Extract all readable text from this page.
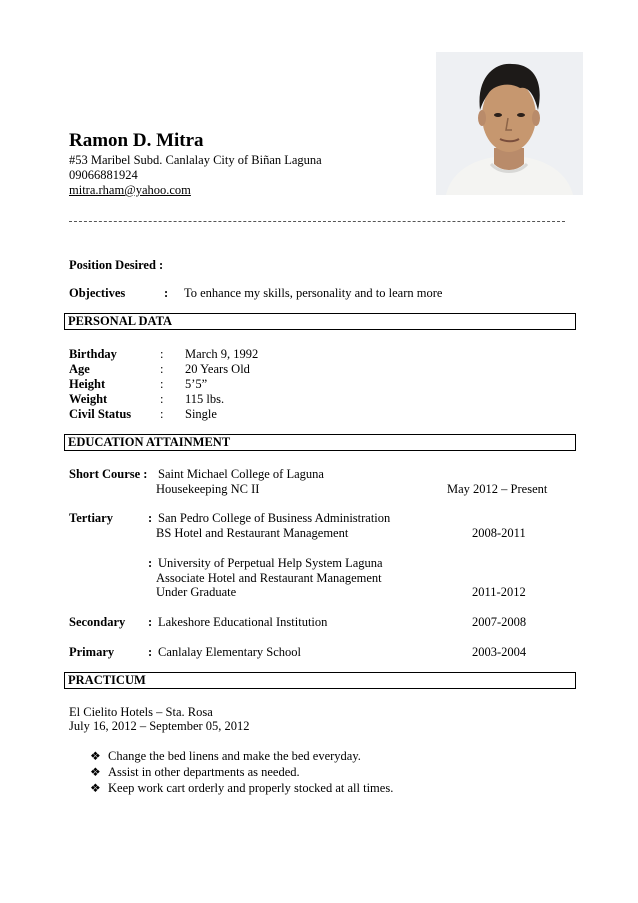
Ramon D. Mitra
#53 Maribel Subd. Canlalay City of Biñan Laguna
09066881924
mitra.rham@yahoo.com
Position Desired :
Objectives	: To enhance my skills, personality and to learn more
PERSONAL DATA
Birthday	: March 9, 1992
Age	: 20 Years Old
Height	: 5’5”
Weight	: 115 lbs.
Civil Status : Single
EDUCATION ATTAINMENT
Short Course : Saint Michael College of Laguna
Housekeeping NC II	May 2012 – Present
Tertiary	: San Pedro College of Business Administration
BS Hotel and Restaurant Management	2008-2011
: University of Perpetual Help System Laguna
Associate Hotel and Restaurant Management
Under Graduate	2011-2012
Secondary : Lakeshore Educational Institution	2007-2008
Primary	: Canlalay Elementary School	2003-2004
PRACTICUM
El Cielito Hotels – Sta. Rosa
July 16, 2012 – September 05, 2012
❖ Change the bed linens and make the bed everyday.
❖ Assist in other departments as needed.
❖ Keep work cart orderly and properly stocked at all times.
